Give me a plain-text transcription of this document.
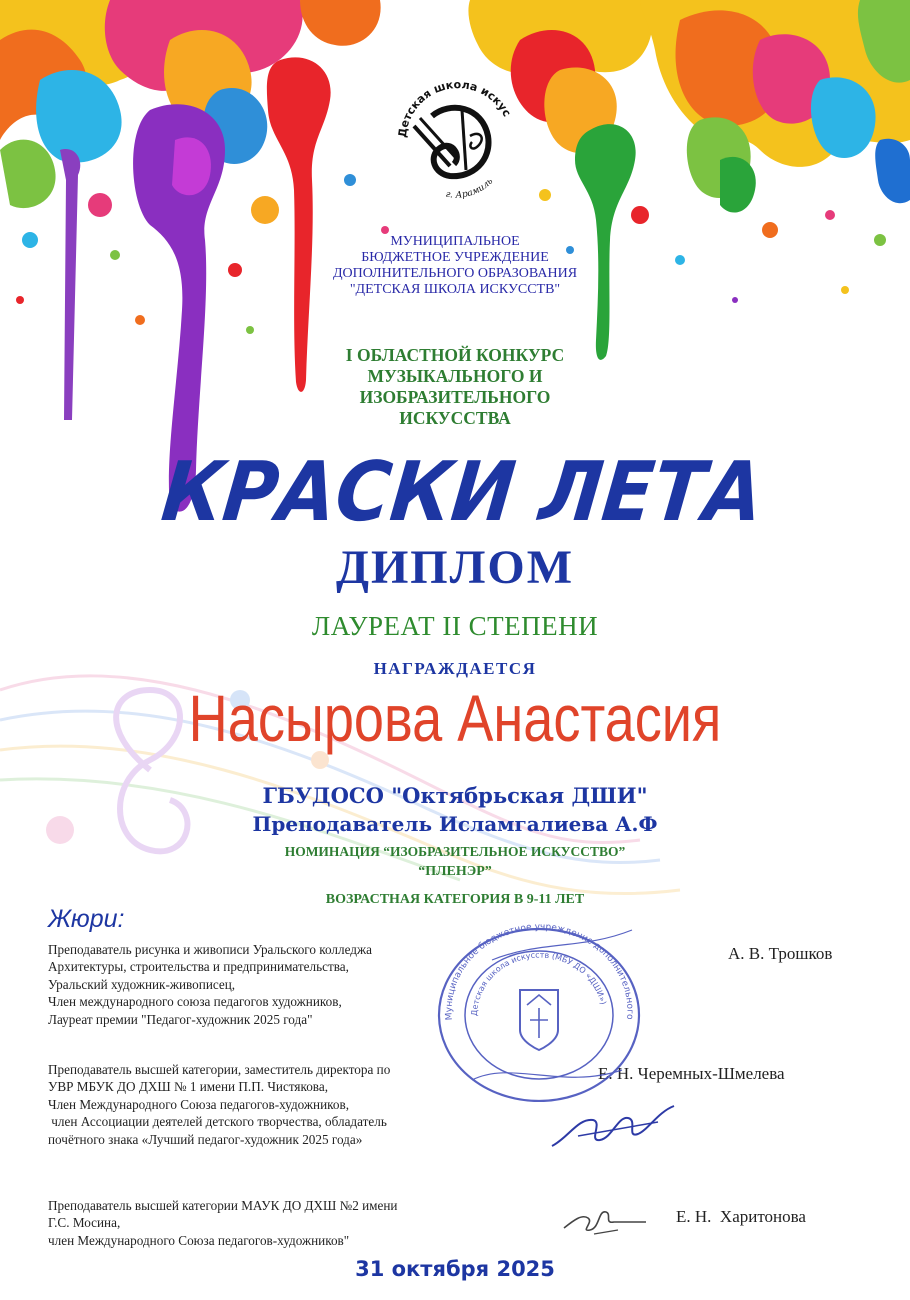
Детская школа искус
г. Арамиль
МУНИЦИПАЛЬНОЕ
БЮДЖЕТНОЕ УЧРЕЖДЕНИЕ
ДОПОЛНИТЕЛЬНОГО ОБРАЗОВАНИЯ
"ДЕТСКАЯ ШКОЛА ИСКУССТВ"
I ОБЛАСТНОЙ КОНКУРС
МУЗЫКАЛЬНОГО И
ИЗОБРАЗИТЕЛЬНОГО
ИСКУССТВА
КРАСКИ ЛЕТА
ДИПЛОМ
ЛАУРЕАТ II СТЕПЕНИ
НАГРАЖДАЕТСЯ
Насырова Анастасия
ГБУДОСО "Октябрьская ДШИ"
Преподаватель Исламгалиева А.Ф
НОМИНАЦИЯ “ИЗОБРАЗИТЕЛЬНОЕ ИСКУССТВО”
“ПЛЕНЭР”
ВОЗРАСТНАЯ КАТЕГОРИЯ В 9-11 ЛЕТ
Жюри:
Преподаватель рисунка и живописи Уральского колледжа
Архитектуры, строительства и предпринимательства,
Уральский художник-живописец,
Член международного союза педагогов художников,
Лауреат премии "Педагог-художник 2025 года"
А. В. Трошков
Преподаватель высшей категории, заместитель директора по
УВР МБУК ДО ДХШ № 1 имени П.П. Чистякова,
Член Международного Союза педагогов-художников,
член Ассоциации деятелей детского творчества, обладатель
почётного знака «Лучший педагог-художник 2025 года»
Е. Н. Черемных-Шмелева
Преподаватель высшей категории МАУК ДО ДХШ №2 имени
Г.С. Мосина,
член Международного Союза педагогов-художников"
Е. Н.  Харитонова
Муниципальное бюджетное учреждение дополнительного
Детская школа искусств (МБУ ДО «ДШИ»)
31 октября 2025
